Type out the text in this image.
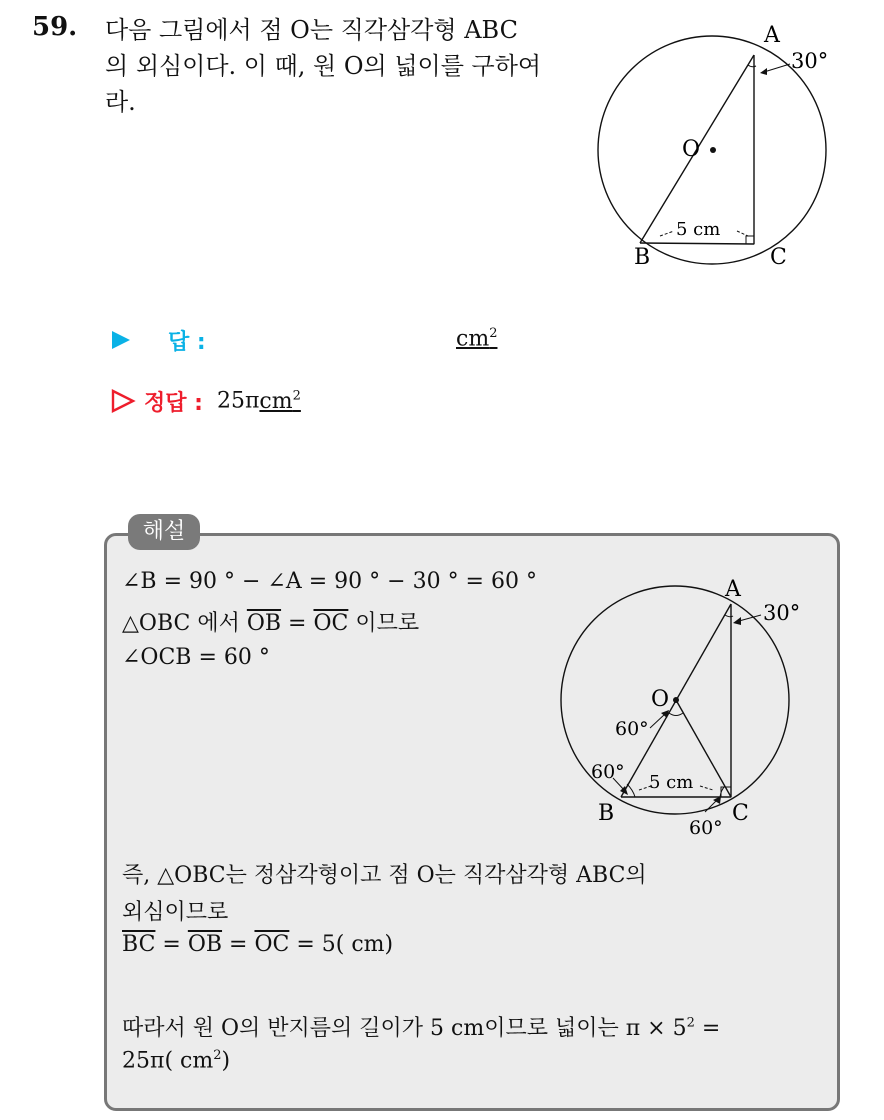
59. 다음 그림에서 점 O는 직각삼각형 ABC
의 외심이다. 이 때, 원 O의 넓이를 구하여
라.
A
B	C
O
30°
5 cm
답 :	$cm^2$
정답 : 25πcm$^2$
해설
∠B = 90 ° − ∠A = 90 ° − 30 ° = 60 °
△OBC 에서 $\overline{OB} = \overline{OC}$ 이므로
∠OCB = 60 °
A
B	C
O
30°
60°
60°
60°
5 cm
즉, △OBC는 정삼각형이고 점 O는 직각삼각형 ABC의
외심이므로
$\overline{BC} = \overline{OB} = \overline{OC} = 5$( cm)
따라서 원 O의 반지름의 길이가 5 cm이므로 넓이는 $\pi \times 5^2$ =
25π( $cm^2$)
